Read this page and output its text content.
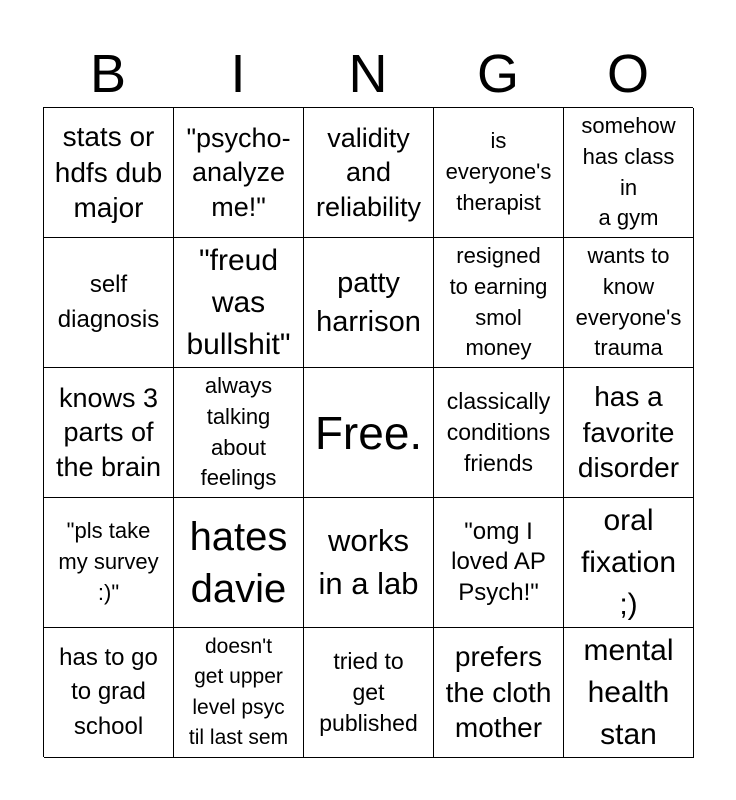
B	I	N	G	O
stats or
hdfs dub
major
"psycho-
analyze
me!"
validity
and
reliability
is
everyone's
therapist
somehow
has class
in
a gym
self
diagnosis
"freud
was
bullshit"
patty
harrison
resigned
to earning
smol
money
wants to
know
everyone's
trauma
knows 3
parts of
the brain
always
talking
about
feelings
Free.
classically
conditions
friends
has a
favorite
disorder
"pls take
my survey
:)"
hates
davie
works
in a lab
"omg I
loved AP
Psych!"
oral
fixation
;)
has to go
to grad
school
doesn't
get upper
level psyc
til last sem
tried to
get
published
prefers
the cloth
mother
mental
health
stan
